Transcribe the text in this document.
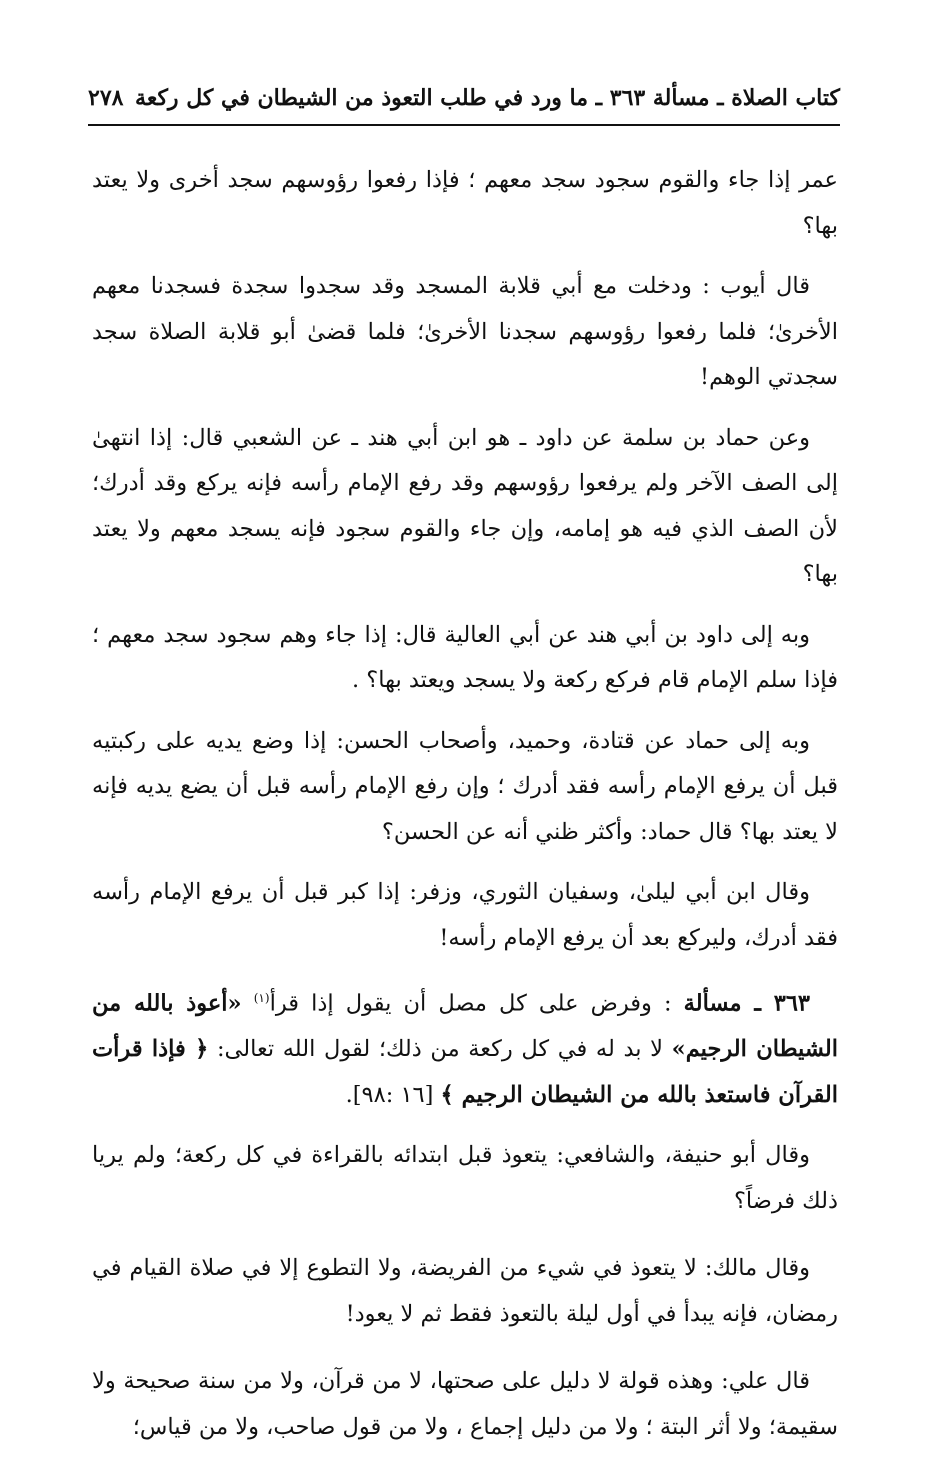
كتاب الصلاة ـ مسألة ٣٦٣ ـ ما ورد في طلب التعوذ من الشيطان في كل ركعة
٢٧٨

عمر إذا جاء والقوم سجود سجد معهم ؛ فإذا رفعوا رؤوسهم سجد أخرى ولا يعتد بها؟

قال أيوب : ودخلت مع أبي قلابة المسجد وقد سجدوا سجدة فسجدنا معهم الأخرىٰ؛ فلما رفعوا رؤوسهم سجدنا الأخرىٰ؛ فلما قضىٰ أبو قلابة الصلاة سجد سجدتي الوهم!

وعن حماد بن سلمة عن داود ـ هو ابن أبي هند ـ عن الشعبي قال: إذا انتهىٰ إلى الصف الآخر ولم يرفعوا رؤوسهم وقد رفع الإمام رأسه فإنه يركع وقد أدرك؛ لأن الصف الذي فيه هو إمامه، وإن جاء والقوم سجود فإنه يسجد معهم ولا يعتد بها؟

وبه إلى داود بن أبي هند عن أبي العالية قال: إذا جاء وهم سجود سجد معهم ؛ فإذا سلم الإمام قام فركع ركعة ولا يسجد ويعتد بها؟ .

وبه إلى حماد عن قتادة، وحميد، وأصحاب الحسن: إذا وضع يديه على ركبتيه قبل أن يرفع الإمام رأسه فقد أدرك ؛ وإن رفع الإمام رأسه قبل أن يضع يديه فإنه لا يعتد بها؟ قال حماد: وأكثر ظني أنه عن الحسن؟

وقال ابن أبي ليلىٰ، وسفيان الثوري، وزفر: إذا كبر قبل أن يرفع الإمام رأسه فقد أدرك، وليركع بعد أن يرفع الإمام رأسه!

٣٦٣ ـ مسألة : وفرض على كل مصل أن يقول إذا قرأ$^{(١)}$ «أعوذ بالله من الشيطان الرجيم» لا بد له في كل ركعة من ذلك؛ لقول الله تعالى: ﴿ فإذا قرأت القرآن فاستعذ بالله من الشيطان الرجيم ﴾ [١٦ :٩٨].

وقال أبو حنيفة، والشافعي: يتعوذ قبل ابتدائه بالقراءة في كل ركعة؛ ولم يريا ذلك فرضاً؟

وقال مالك: لا يتعوذ في شيء من الفريضة، ولا التطوع إلا في صلاة القيام في رمضان، فإنه يبدأ في أول ليلة بالتعوذ فقط ثم لا يعود!

قال علي: وهذه قولة لا دليل على صحتها، لا من قرآن، ولا من سنة صحيحة ولا سقيمة؛ ولا أثر البتة ؛ ولا من دليل إجماع ، ولا من قول صاحب، ولا من قياس؛
